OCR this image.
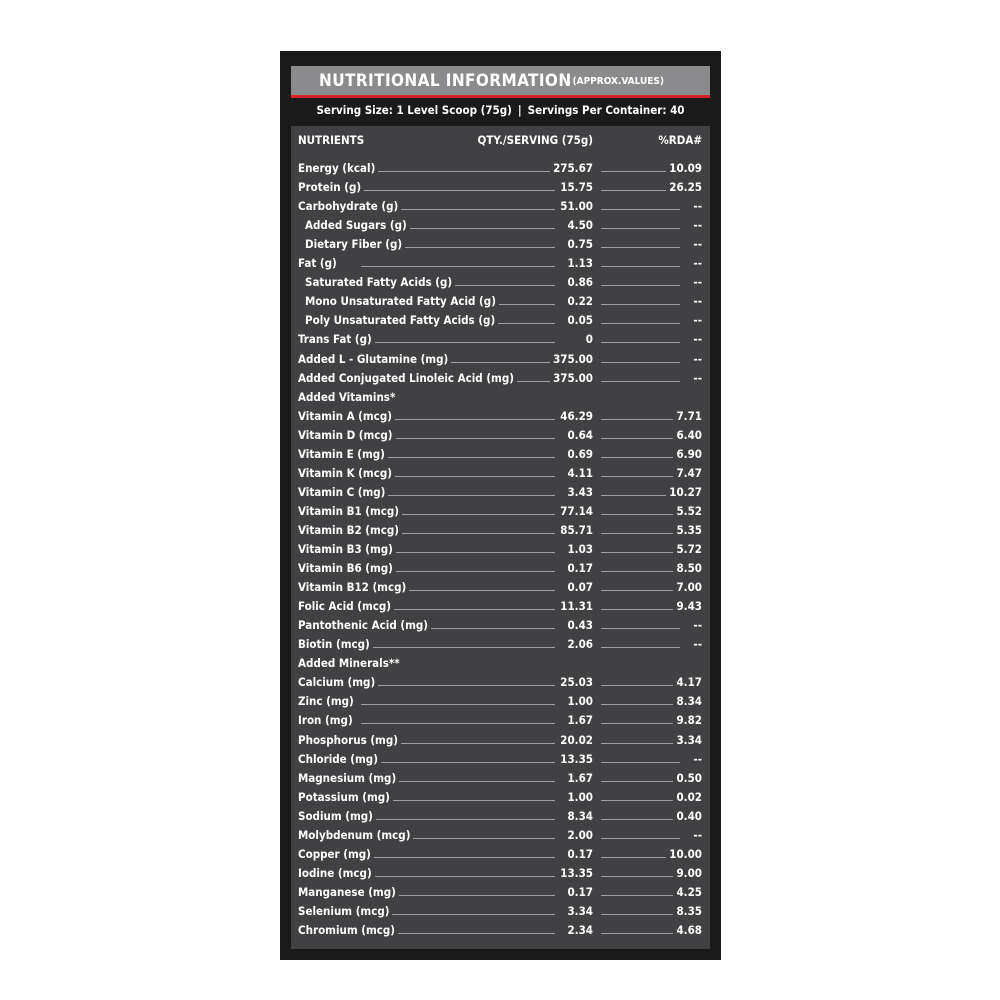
NUTRITIONAL INFORMATION (APPROX.VALUES)
Serving Size: 1 Level Scoop (75g) | Servings Per Container: 40
NUTRIENTS	QTY./SERVING (75g)	%RDA#
Energy (kcal)	275.67	10.09
Protein (g)	15.75	26.25
Carbohydrate (g)	51.00	--
Added Sugars (g)	4.50	--
Dietary Fiber (g)	0.75	--
Fat (g)	1.13	--
Saturated Fatty Acids (g)	0.86	--
Mono Unsaturated Fatty Acid (g)	0.22	--
Poly Unsaturated Fatty Acids (g)	0.05	--
Trans Fat (g)	0	--
Added L - Glutamine (mg)	375.00	--
Added Conjugated Linoleic Acid (mg)	375.00	--
Added Vitamins*
Vitamin A (mcg)	46.29	7.71
Vitamin D (mcg)	0.64	6.40
Vitamin E (mg)	0.69	6.90
Vitamin K (mcg)	4.11	7.47
Vitamin C (mg)	3.43	10.27
Vitamin B1 (mcg)	77.14	5.52
Vitamin B2 (mcg)	85.71	5.35
Vitamin B3 (mg)	1.03	5.72
Vitamin B6 (mg)	0.17	8.50
Vitamin B12 (mcg)	0.07	7.00
Folic Acid (mcg)	11.31	9.43
Pantothenic Acid (mg)	0.43	--
Biotin (mcg)	2.06	--
Added Minerals**
Calcium (mg)	25.03	4.17
Zinc (mg)	1.00	8.34
Iron (mg)	1.67	9.82
Phosphorus (mg)	20.02	3.34
Chloride (mg)	13.35	--
Magnesium (mg)	1.67	0.50
Potassium (mg)	1.00	0.02
Sodium (mg)	8.34	0.40
Molybdenum (mcg)	2.00	--
Copper (mg)	0.17	10.00
Iodine (mcg)	13.35	9.00
Manganese (mg)	0.17	4.25
Selenium (mcg)	3.34	8.35
Chromium (mcg)	2.34	4.68
